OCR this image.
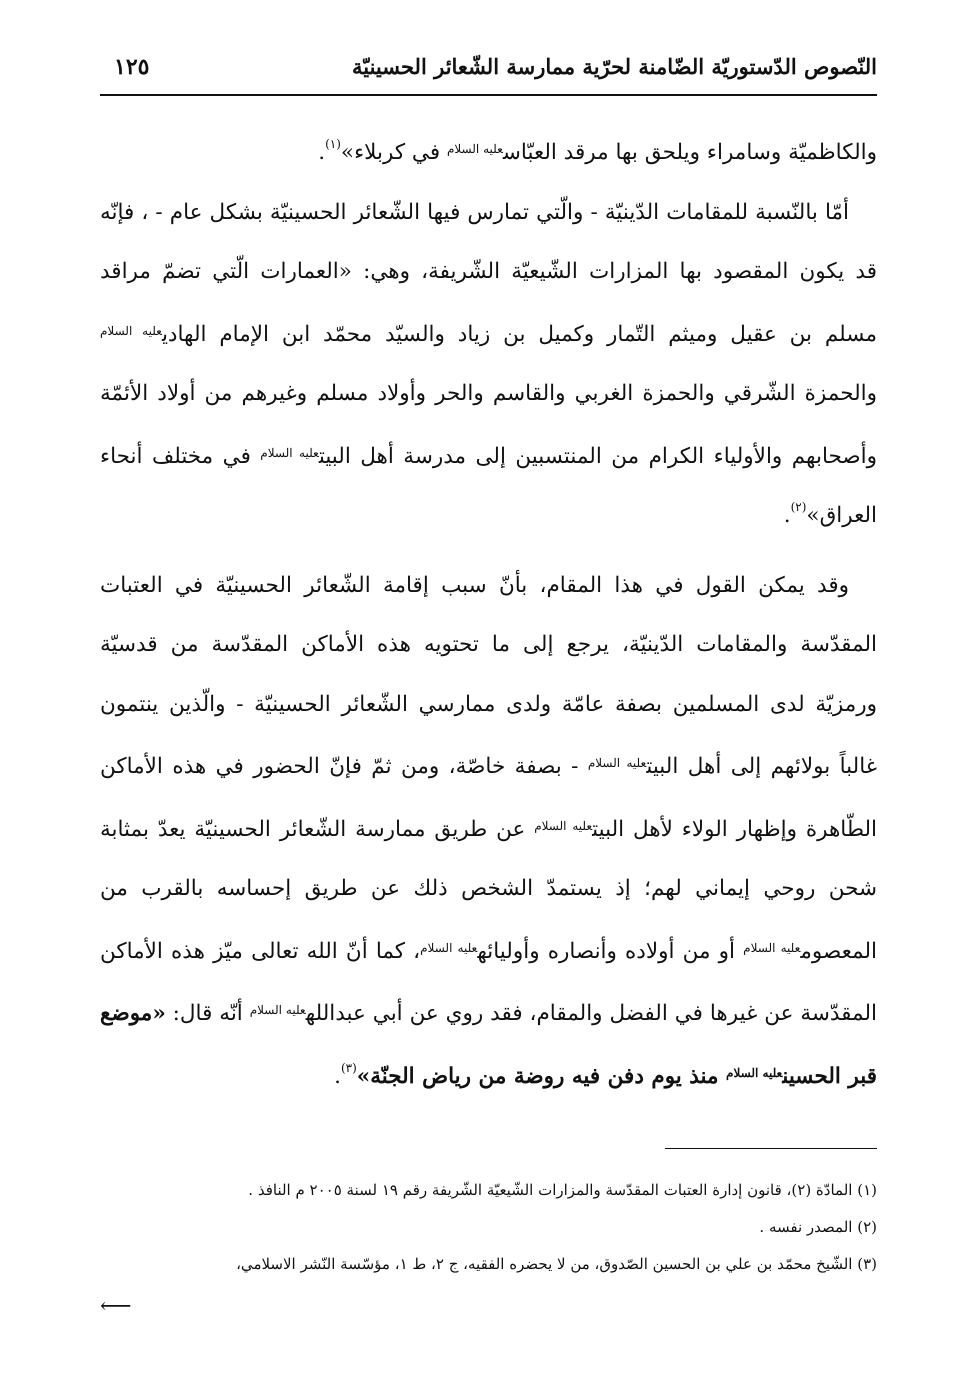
النّصوص الدّستوريّة الضّامنة لحرّية ممارسة الشّعائر الحسينيّة
١٢٥

والكاظميّة وسامراء ويلحق بها مرقد العبّاس$^{عليه السلام}$ في كربلاء»$^{(١)}$.

أمّا بالنّسبة للمقامات الدّينيّة - والّتي تمارس فيها الشّعائر الحسينيّة بشكل عام - ، فإنّه قد يكون المقصود بها المزارات الشّيعيّة الشّريفة، وهي: «العمارات الّتي تضمّ مراقد مسلم بن عقيل وميثم التّمار وكميل بن زياد والسيّد محمّد ابن الإمام الهادي$^{عليه السلام}$ والحمزة الشّرقي والحمزة الغربي والقاسم والحر وأولاد مسلم وغيرهم من أولاد الأئمّة وأصحابهم والأولياء الكرام من المنتسبين إلى مدرسة أهل البيت$^{عليه السلام}$ في مختلف أنحاء العراق»$^{(٢)}$.

وقد يمكن القول في هذا المقام، بأنّ سبب إقامة الشّعائر الحسينيّة في العتبات المقدّسة والمقامات الدّينيّة، يرجع إلى ما تحتويه هذه الأماكن المقدّسة من قدسيّة ورمزيّة لدى المسلمين بصفة عامّة ولدى ممارسي الشّعائر الحسينيّة - والّذين ينتمون غالباً بولائهم إلى أهل البيت$^{عليه السلام}$ - بصفة خاصّة، ومن ثمّ فإنّ الحضور في هذه الأماكن الطّاهرة وإظهار الولاء لأهل البيت$^{عليه السلام}$ عن طريق ممارسة الشّعائر الحسينيّة يعدّ بمثابة شحن روحي إيماني لهم؛ إذ يستمدّ الشخص ذلك عن طريق إحساسه بالقرب من المعصوم$^{عليه السلام}$ أو من أولاده وأنصاره وأوليائه$^{عليه السلام}$، كما أنّ الله تعالى ميّز هذه الأماكن المقدّسة عن غيرها في الفضل والمقام، فقد روي عن أبي عبدالله$^{عليه السلام}$ أنّه قال: «موضع قبر الحسين$^{عليه السلام}$ منذ يوم دفن فيه روضة من رياض الجنّة»$^{(٣)}$.

(١) المادّة (٢)، قانون إدارة العتبات المقدّسة والمزارات الشّيعيّة الشّريفة رقم ١٩ لسنة ٢٠٠٥ م النافذ .

(٢) المصدر نفسه .

(٣) الشّيخ محمّد بن علي بن الحسين الصّدوق، من لا يحضره الفقيه، ج ٢، ط ١، مؤسّسة النّشر الاسلامي،

⟵
